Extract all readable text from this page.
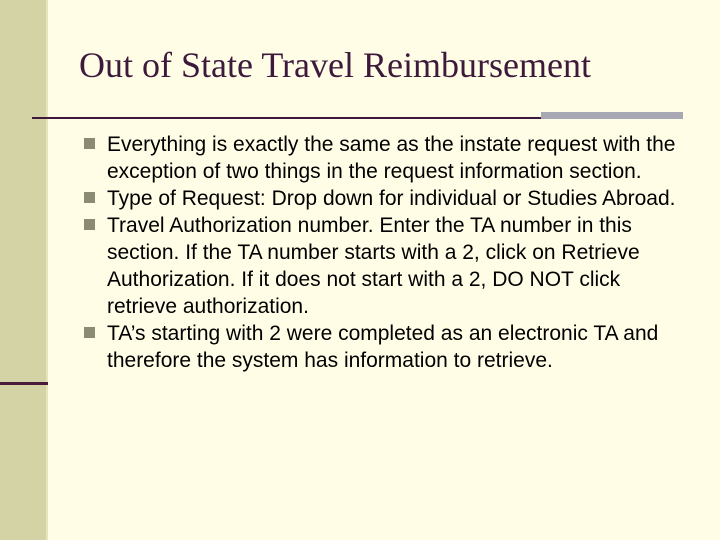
Out of State Travel Reimbursement
Everything is exactly the same as the instate request with the exception of two things in the request information section.
Type of Request: Drop down for individual or Studies Abroad.
Travel Authorization number. Enter the TA number in this section. If the TA number starts with a 2, click on Retrieve Authorization. If it does not start with a 2, DO NOT click retrieve authorization.
TA’s starting with 2 were completed as an electronic TA and therefore the system has information to retrieve.
